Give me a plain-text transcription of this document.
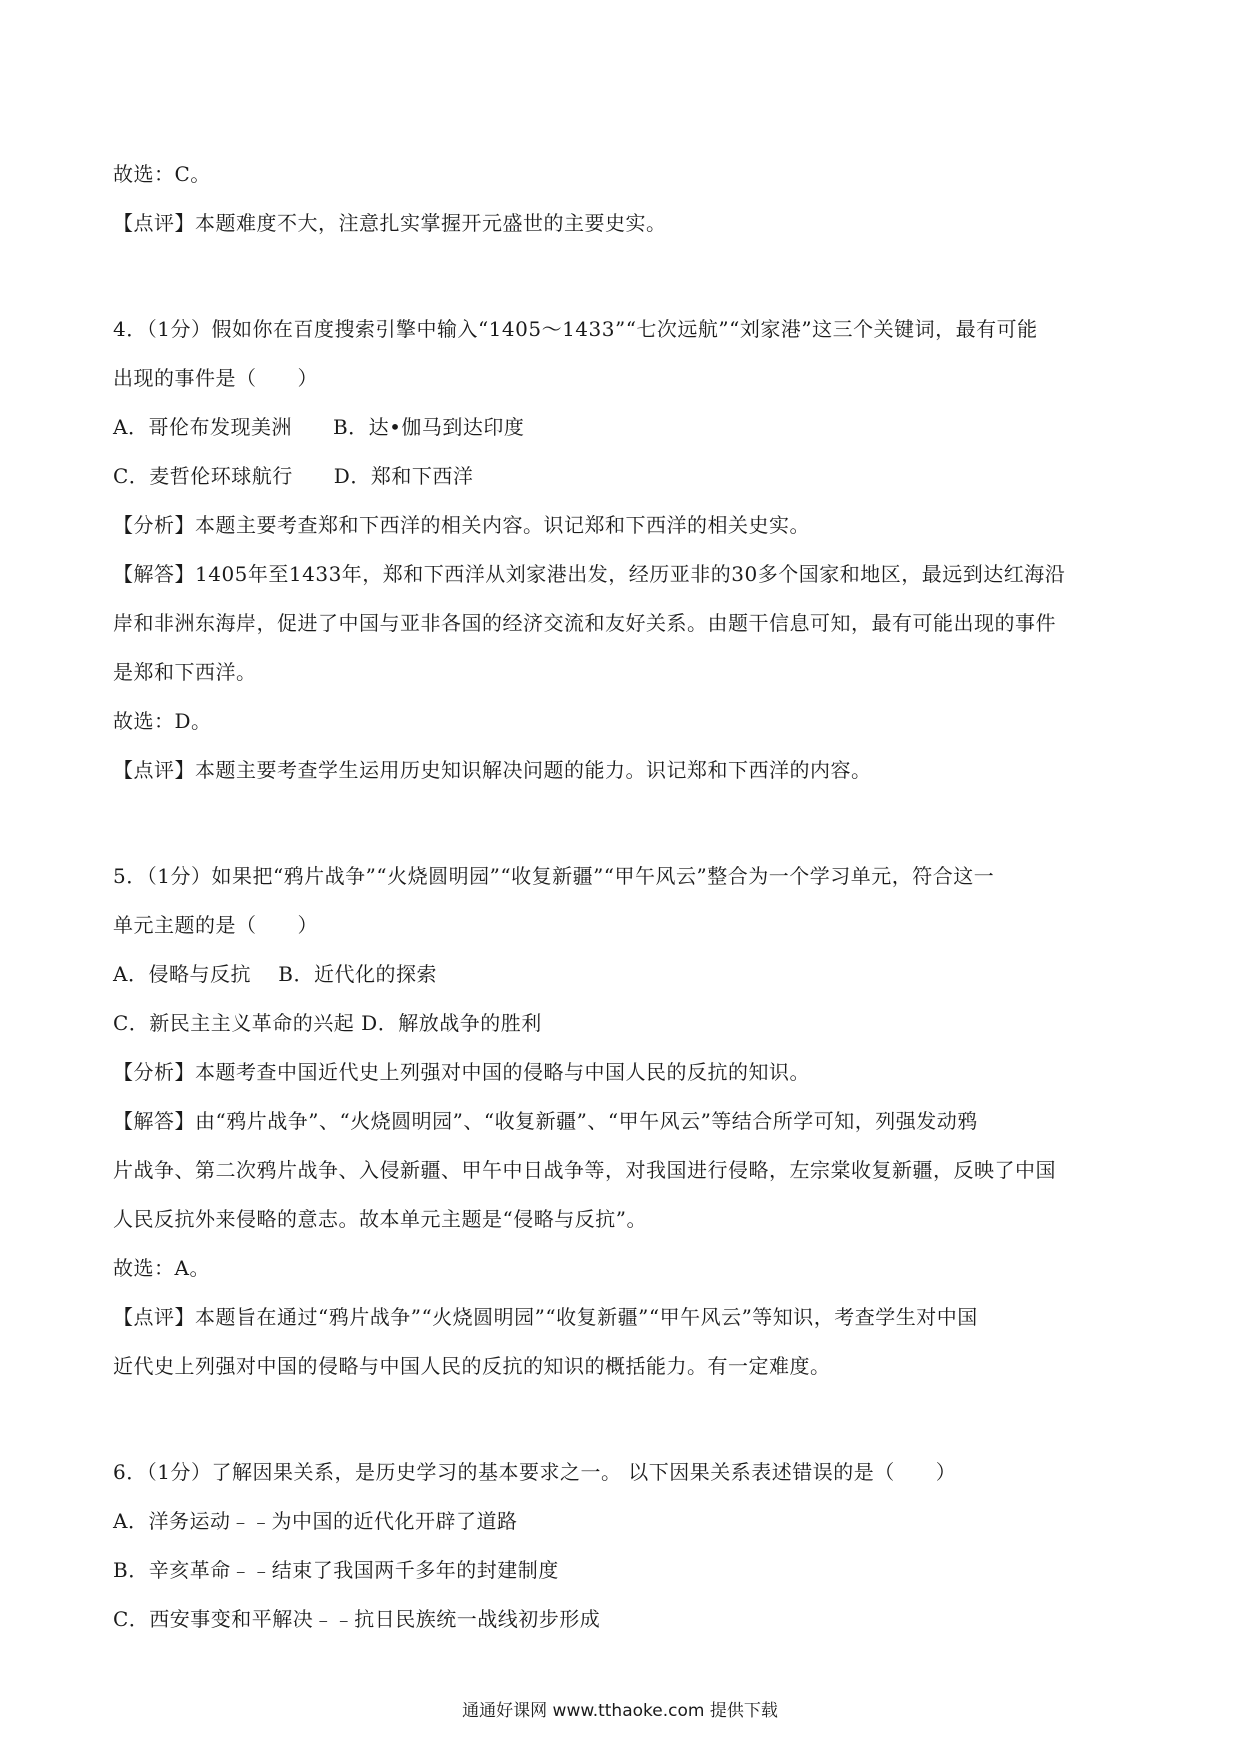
故选：C。
【点评】本题难度不大，注意扎实掌握开元盛世的主要史实。
4．（1分）假如你在百度搜索引擎中输入“1405～1433”“七次远航”“刘家港”这三个关键词，最有可能
出现的事件是（　　）
A．哥伦布发现美洲　　B．达•伽马到达印度
C．麦哲伦环球航行　　D．郑和下西洋
【分析】本题主要考查郑和下西洋的相关内容。识记郑和下西洋的相关史实。
【解答】1405年至1433年，郑和下西洋从刘家港出发，经历亚非的30多个国家和地区，最远到达红海沿
岸和非洲东海岸，促进了中国与亚非各国的经济交流和友好关系。由题干信息可知，最有可能出现的事件
是郑和下西洋。
故选：D。
【点评】本题主要考查学生运用历史知识解决问题的能力。识记郑和下西洋的内容。
5．（1分）如果把“鸦片战争”“火烧圆明园”“收复新疆”“甲午风云”整合为一个学习单元，符合这一
单元主题的是（　　）
A．侵略与反抗　 B．近代化的探索
C．新民主主义革命的兴起 D．解放战争的胜利
【分析】本题考查中国近代史上列强对中国的侵略与中国人民的反抗的知识。
【解答】由“鸦片战争”、“火烧圆明园”、“收复新疆”、“甲午风云”等结合所学可知，列强发动鸦
片战争、第二次鸦片战争、入侵新疆、甲午中日战争等，对我国进行侵略，左宗棠收复新疆，反映了中国
人民反抗外来侵略的意志。故本单元主题是“侵略与反抗”。
故选：A。
【点评】本题旨在通过“鸦片战争”“火烧圆明园”“收复新疆”“甲午风云”等知识，考查学生对中国
近代史上列强对中国的侵略与中国人民的反抗的知识的概括能力。有一定难度。
6．（1分）了解因果关系，是历史学习的基本要求之一。 以下因果关系表述错误的是（　　）
A．洋务运动﹣﹣为中国的近代化开辟了道路
B．辛亥革命﹣﹣结束了我国两千多年的封建制度
C．西安事变和平解决﹣﹣抗日民族统一战线初步形成
通通好课网 www.tthaoke.com 提供下载
